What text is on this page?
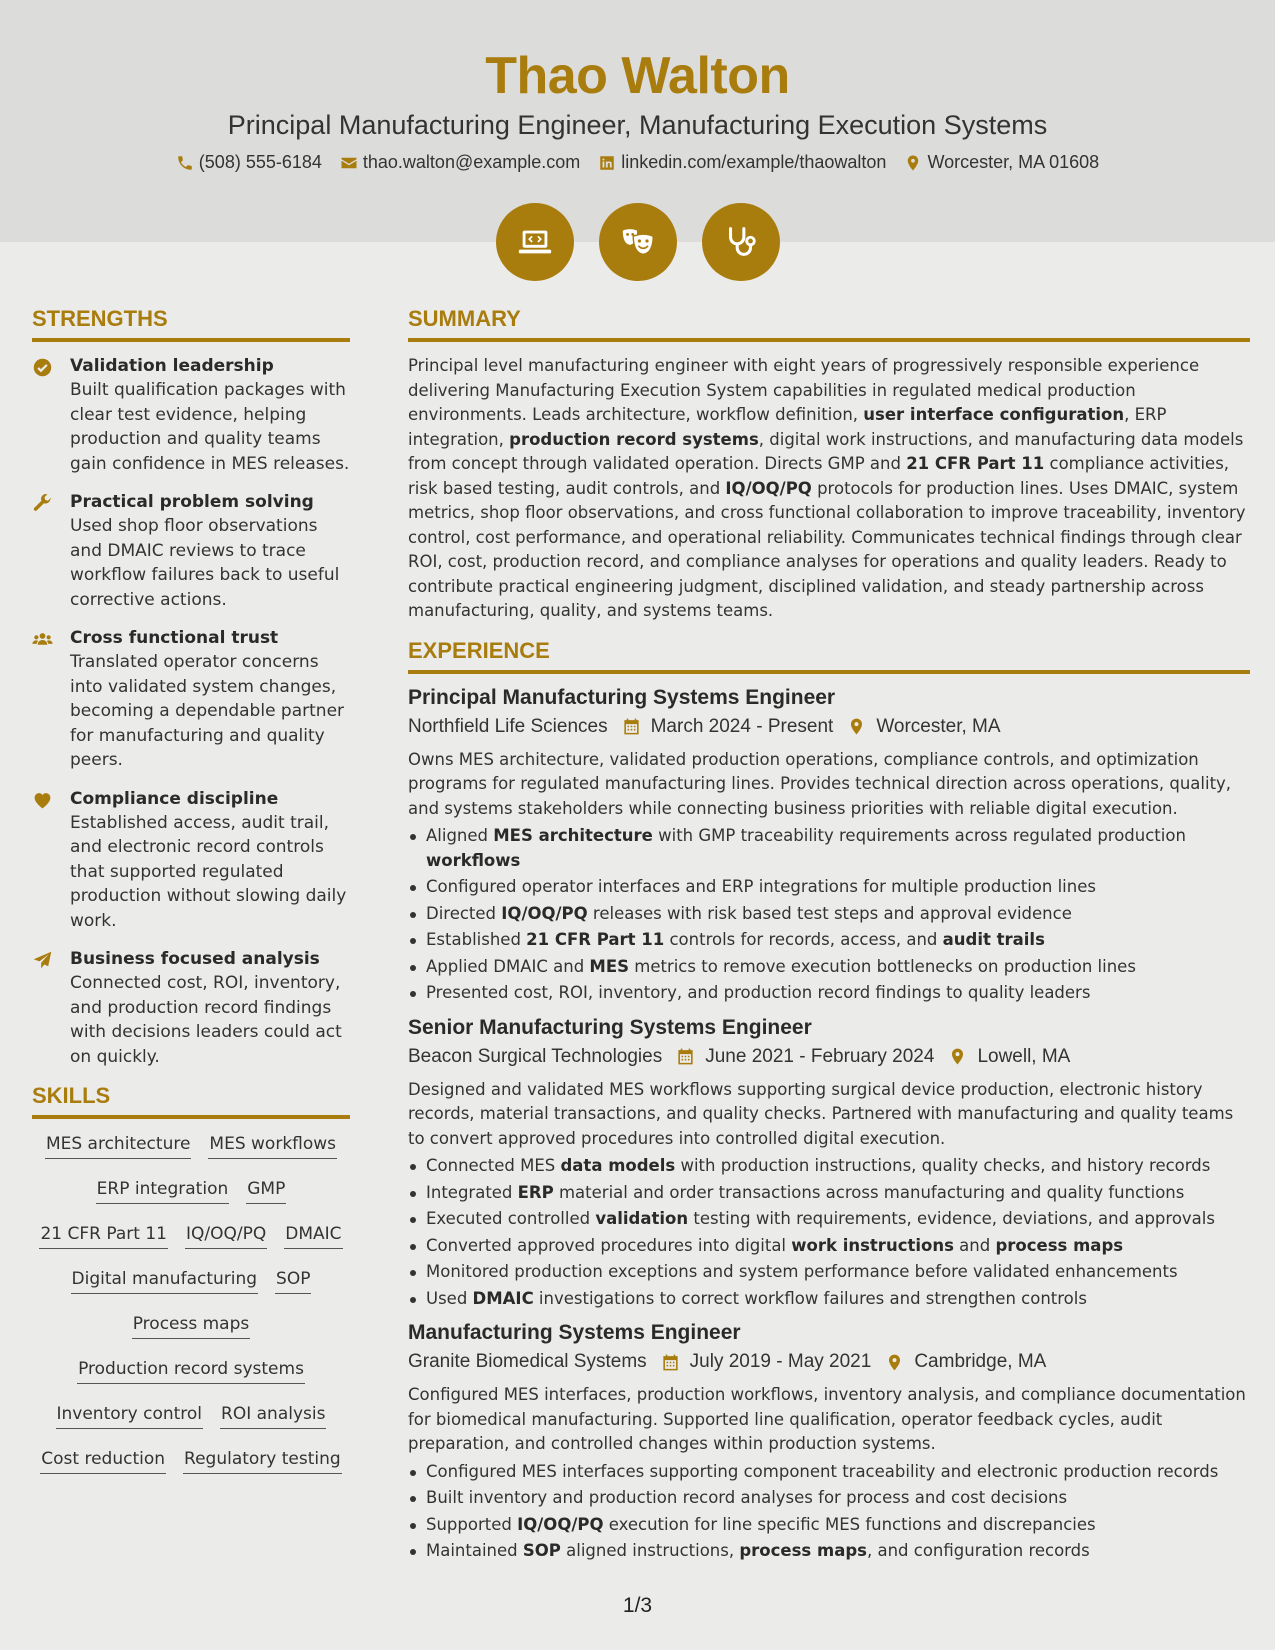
Thao Walton
Principal Manufacturing Engineer, Manufacturing Execution Systems
(508) 555-6184 thao.walton@example.com linkedin.com/example/thaowalton Worcester, MA 01608
STRENGTHS
Validation leadership
Built qualification packages with clear test evidence, helping production and quality teams gain confidence in MES releases.
Practical problem solving
Used shop floor observations and DMAIC reviews to trace workflow failures back to useful corrective actions.
Cross functional trust
Translated operator concerns into validated system changes, becoming a dependable partner for manufacturing and quality peers.
Compliance discipline
Established access, audit trail, and electronic record controls that supported regulated production without slowing daily work.
Business focused analysis
Connected cost, ROI, inventory, and production record findings with decisions leaders could act on quickly.
SKILLS
MES architecture MES workflows
ERP integration GMP
21 CFR Part 11 IQ/OQ/PQ DMAIC
Digital manufacturing SOP
Process maps
Production record systems
Inventory control ROI analysis
Cost reduction Regulatory testing
SUMMARY
Principal level manufacturing engineer with eight years of progressively responsible experience delivering Manufacturing Execution System capabilities in regulated medical production environments. Leads architecture, workflow definition, user interface configuration, ERP integration, production record systems, digital work instructions, and manufacturing data models from concept through validated operation. Directs GMP and 21 CFR Part 11 compliance activities, risk based testing, audit controls, and IQ/OQ/PQ protocols for production lines. Uses DMAIC, system metrics, shop floor observations, and cross functional collaboration to improve traceability, inventory control, cost performance, and operational reliability. Communicates technical findings through clear ROI, cost, production record, and compliance analyses for operations and quality leaders. Ready to contribute practical engineering judgment, disciplined validation, and steady partnership across manufacturing, quality, and systems teams.
EXPERIENCE
Principal Manufacturing Systems Engineer
Northfield Life Sciences March 2024 - Present Worcester, MA
Owns MES architecture, validated production operations, compliance controls, and optimization programs for regulated manufacturing lines. Provides technical direction across operations, quality, and systems stakeholders while connecting business priorities with reliable digital execution.
Aligned MES architecture with GMP traceability requirements across regulated production workflows
Configured operator interfaces and ERP integrations for multiple production lines
Directed IQ/OQ/PQ releases with risk based test steps and approval evidence
Established 21 CFR Part 11 controls for records, access, and audit trails
Applied DMAIC and MES metrics to remove execution bottlenecks on production lines
Presented cost, ROI, inventory, and production record findings to quality leaders
Senior Manufacturing Systems Engineer
Beacon Surgical Technologies June 2021 - February 2024 Lowell, MA
Designed and validated MES workflows supporting surgical device production, electronic history records, material transactions, and quality checks. Partnered with manufacturing and quality teams to convert approved procedures into controlled digital execution.
Connected MES data models with production instructions, quality checks, and history records
Integrated ERP material and order transactions across manufacturing and quality functions
Executed controlled validation testing with requirements, evidence, deviations, and approvals
Converted approved procedures into digital work instructions and process maps
Monitored production exceptions and system performance before validated enhancements
Used DMAIC investigations to correct workflow failures and strengthen controls
Manufacturing Systems Engineer
Granite Biomedical Systems July 2019 - May 2021 Cambridge, MA
Configured MES interfaces, production workflows, inventory analysis, and compliance documentation for biomedical manufacturing. Supported line qualification, operator feedback cycles, audit preparation, and controlled changes within production systems.
Configured MES interfaces supporting component traceability and electronic production records
Built inventory and production record analyses for process and cost decisions
Supported IQ/OQ/PQ execution for line specific MES functions and discrepancies
Maintained SOP aligned instructions, process maps, and configuration records
1/3
